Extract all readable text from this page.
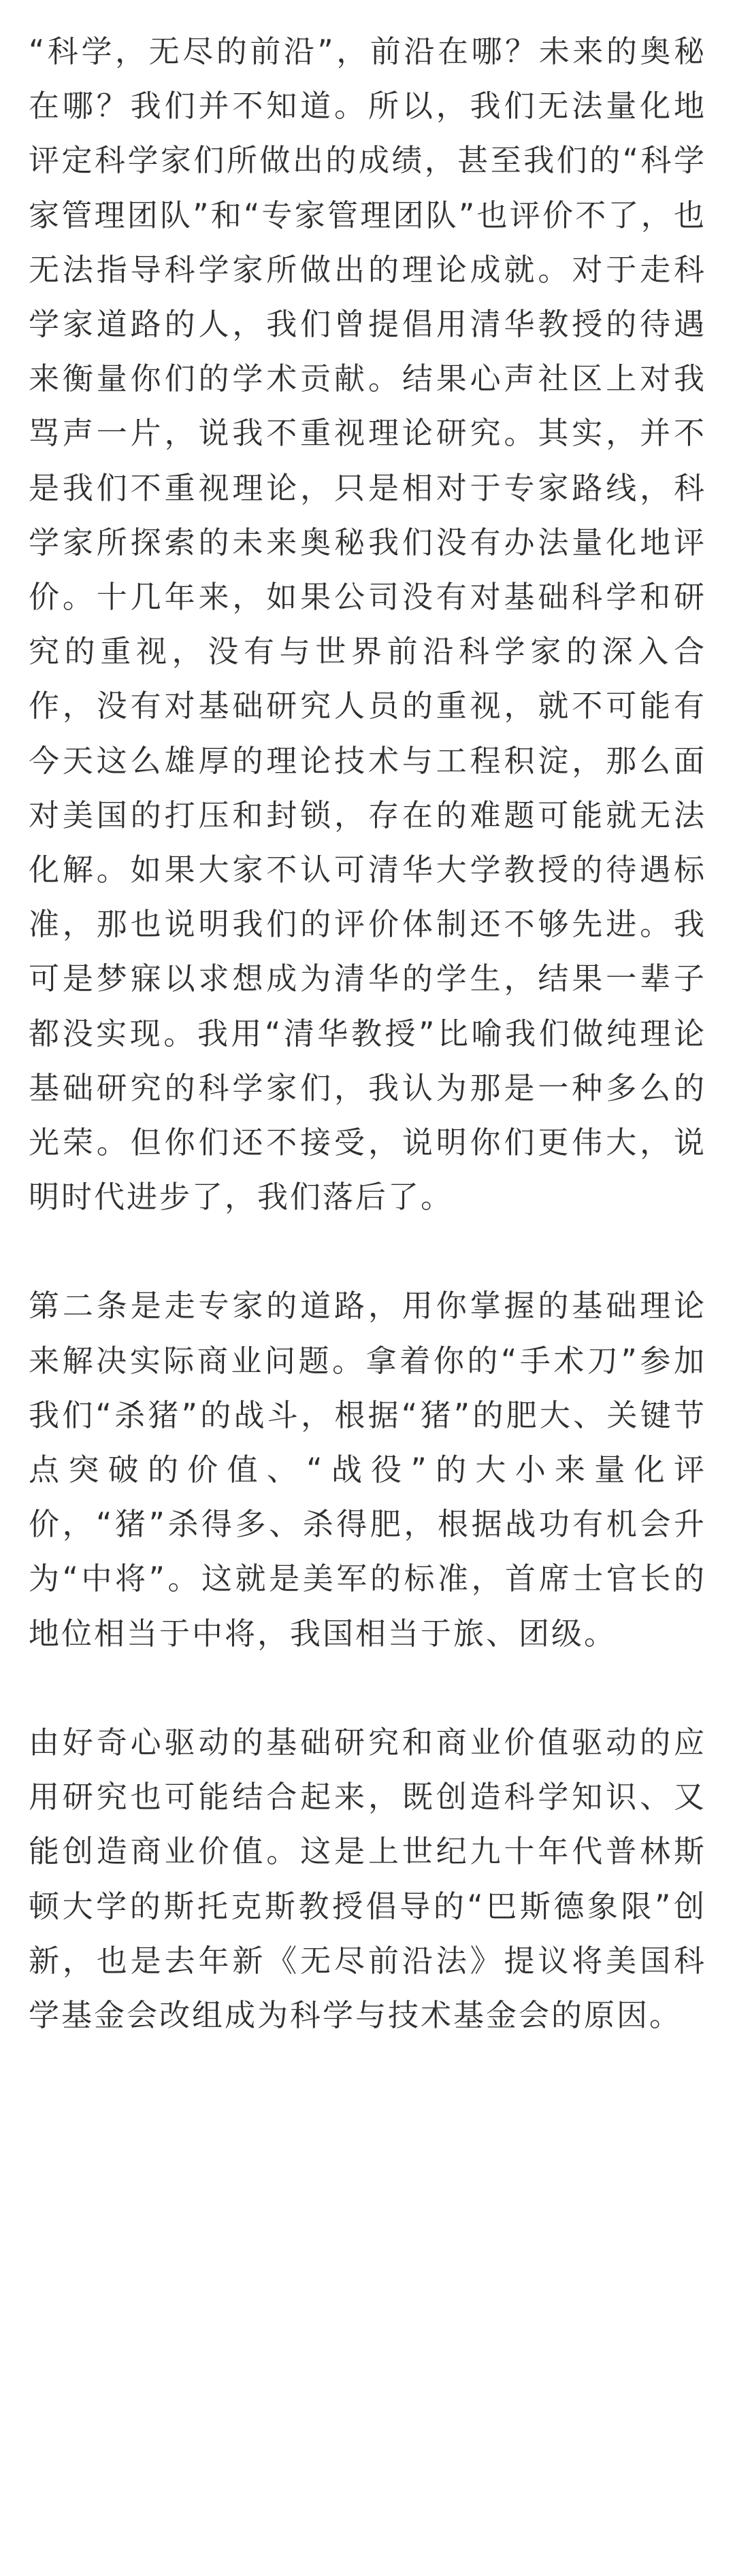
“科学，无尽的前沿”，前沿在哪？未来的奥秘在哪？我们并不知道。所以，我们无法量化地评定科学家们所做出的成绩，甚至我们的“科学家管理团队”和“专家管理团队”也评价不了，也无法指导科学家所做出的理论成就。对于走科学家道路的人，我们曾提倡用清华教授的待遇来衡量你们的学术贡献。结果心声社区上对我骂声一片，说我不重视理论研究。其实，并不是我们不重视理论，只是相对于专家路线，科学家所探索的未来奥秘我们没有办法量化地评价。十几年来，如果公司没有对基础科学和研究的重视，没有与世界前沿科学家的深入合作，没有对基础研究人员的重视，就不可能有今天这么雄厚的理论技术与工程积淀，那么面对美国的打压和封锁，存在的难题可能就无法化解。如果大家不认可清华大学教授的待遇标准，那也说明我们的评价体制还不够先进。我可是梦寐以求想成为清华的学生，结果一辈子都没实现。我用“清华教授”比喻我们做纯理论基础研究的科学家们，我认为那是一种多么的光荣。但你们还不接受，说明你们更伟大，说明时代进步了，我们落后了。

第二条是走专家的道路，用你掌握的基础理论来解决实际商业问题。拿着你的“手术刀”参加我们“杀猪”的战斗，根据“猪”的肥大、关键节点突破的价值、“战役”的大小来量化评价，“猪”杀得多、杀得肥，根据战功有机会升为“中将”。这就是美军的标准，首席士官长的地位相当于中将，我国相当于旅、团级。

由好奇心驱动的基础研究和商业价值驱动的应用研究也可能结合起来，既创造科学知识、又能创造商业价值。这是上世纪九十年代普林斯顿大学的斯托克斯教授倡导的“巴斯德象限”创新，也是去年新《无尽前沿法》提议将美国科学基金会改组成为科学与技术基金会的原因。
